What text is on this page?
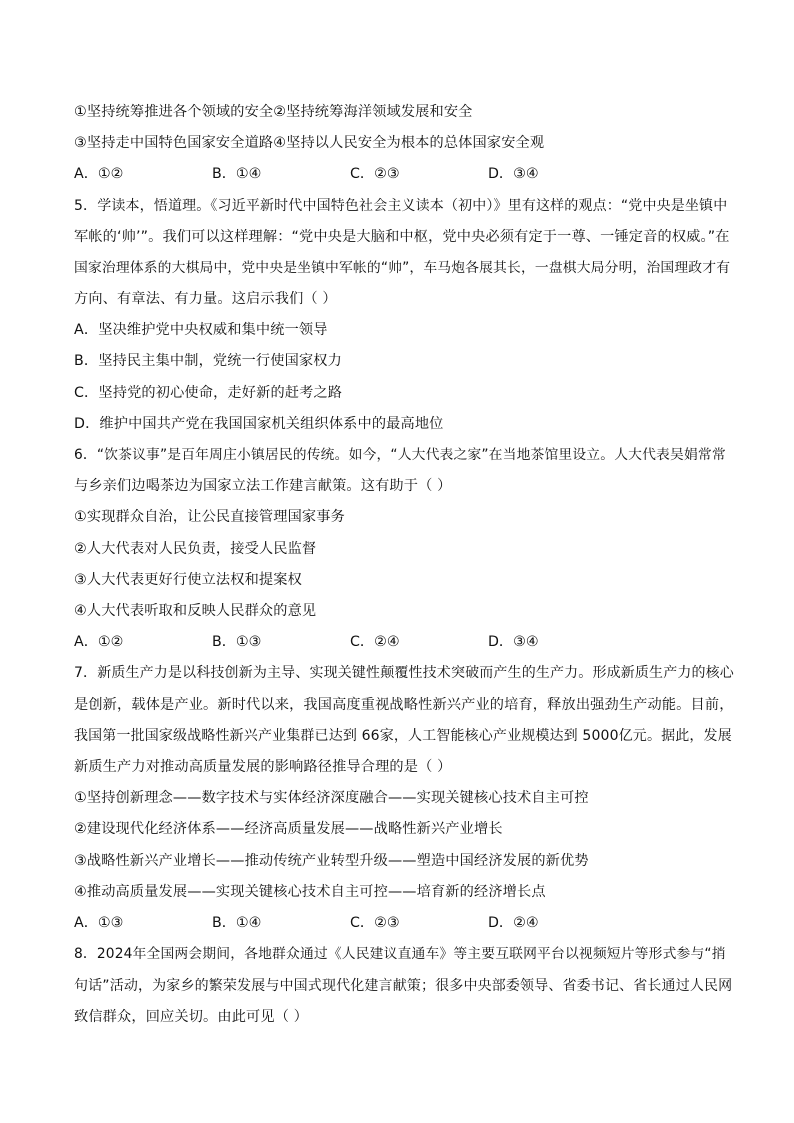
①坚持统筹推进各个领域的安全②坚持统筹海洋领域发展和安全
③坚持走中国特色国家安全道路④坚持以人民安全为根本的总体国家安全观
A．①②	B．①④	C．②③	D．③④
5．学读本，悟道理。《习近平新时代中国特色社会主义读本（初中）》里有这样的观点：“党中央是坐镇中
军帐的‘帅’”。我们可以这样理解：“党中央是大脑和中枢，党中央必须有定于一尊、一锤定音的权威。”在
国家治理体系的大棋局中，党中央是坐镇中军帐的“帅”，车马炮各展其长，一盘棋大局分明，治国理政才有
方向、有章法、有力量。这启示我们（ ）
A．坚决维护党中央权威和集中统一领导
B．坚持民主集中制，党统一行使国家权力
C．坚持党的初心使命，走好新的赶考之路
D．维护中国共产党在我国国家机关组织体系中的最高地位
6．“饮茶议事”是百年周庄小镇居民的传统。如今，“人大代表之家”在当地茶馆里设立。人大代表吴娟常常
与乡亲们边喝茶边为国家立法工作建言献策。这有助于（ ）
①实现群众自治，让公民直接管理国家事务
②人大代表对人民负责，接受人民监督
③人大代表更好行使立法权和提案权
④人大代表听取和反映人民群众的意见
A．①②	B．①③	C．②④	D．③④
7．新质生产力是以科技创新为主导、实现关键性颠覆性技术突破而产生的生产力。形成新质生产力的核心
是创新，载体是产业。新时代以来，我国高度重视战略性新兴产业的培育，释放出强劲生产动能。目前，
我国第一批国家级战略性新兴产业集群已达到 66家，人工智能核心产业规模达到 5000亿元。据此，发展
新质生产力对推动高质量发展的影响路径推导合理的是（ ）
①坚持创新理念——数字技术与实体经济深度融合——实现关键核心技术自主可控
②建设现代化经济体系——经济高质量发展——战略性新兴产业增长
③战略性新兴产业增长——推动传统产业转型升级——塑造中国经济发展的新优势
④推动高质量发展——实现关键核心技术自主可控——培育新的经济增长点
A．①③	B．①④	C．②③	D．②④
8．2024年全国两会期间，各地群众通过《人民建议直通车》等主要互联网平台以视频短片等形式参与“捎
句话”活动，为家乡的繁荣发展与中国式现代化建言献策；很多中央部委领导、省委书记、省长通过人民网
致信群众，回应关切。由此可见（ ）
